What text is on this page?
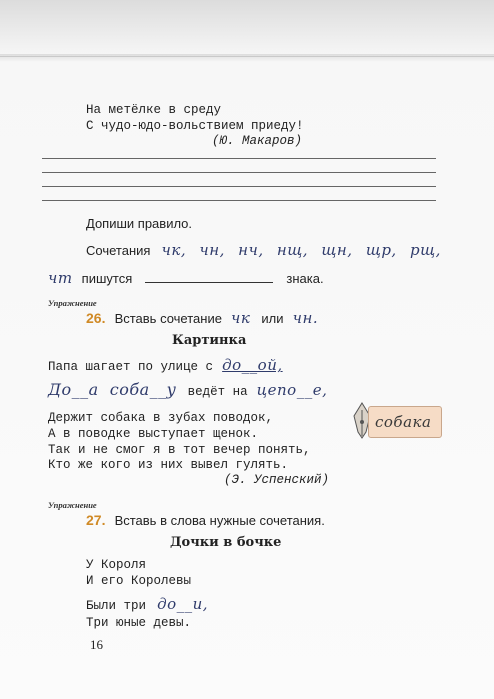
На метёлке в среду
С чудо-юдо-вольствием приеду!
(Ю. Макаров)
Допиши правило.
Сочетания чк, чн, нч, нщ, щн, щр, рщ,
чт пишутся	знака.
Упражнение
26. Вставь сочетание чк или чн.
Картинка
Папа шагает по улице с до__ой,
До__а соба__у ведёт на цепо__е,
Держит собака в зубах поводок,
А в поводке выступает щенок.
Так и не смог я в тот вечер понять,
Кто же кого из них вывел гулять.
(Э. Успенский)
собака
Упражнение
27. Вставь в слова нужные сочетания.
Дочки в бочке
У Короля
И его Королевы
Были три до__и,
Три юные девы.
16
